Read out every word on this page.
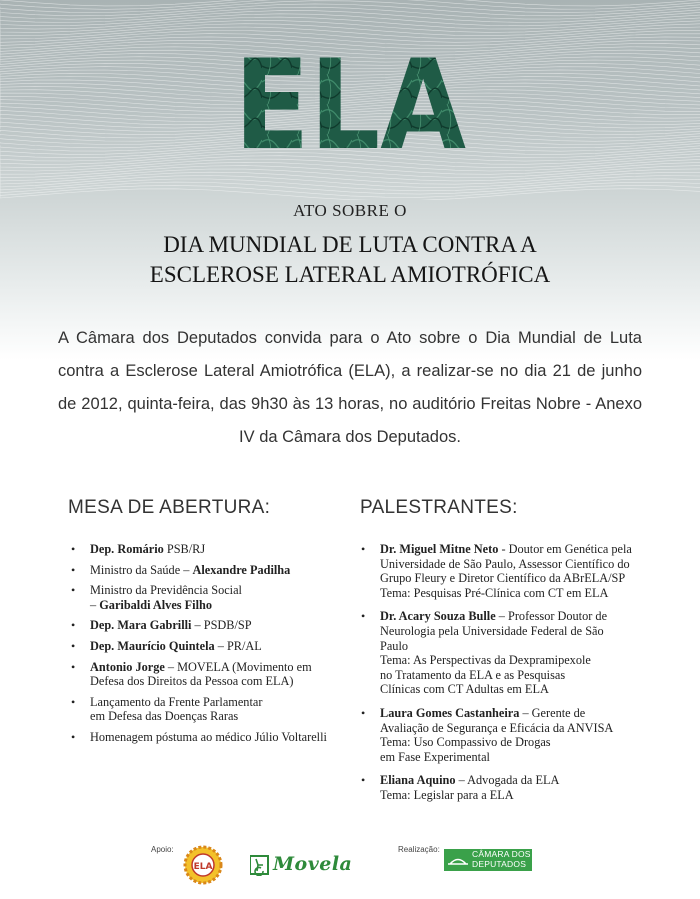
ELA
ATO SOBRE O
DIA MUNDIAL DE LUTA CONTRA A
ESCLEROSE LATERAL AMIOTRÓFICA
A Câmara dos Deputados convida para o Ato sobre o Dia Mundial de Luta contra a Esclerose Lateral Amiotrófica (ELA), a realizar-se no dia 21 de junho de 2012, quinta-feira, das 9h30 às 13 horas, no auditório Freitas Nobre - Anexo IV da Câmara dos Deputados.
MESA DE ABERTURA:	PALESTRANTES:
• Dep. Romário PSB/RJ
• Ministro da Saúde – Alexandre Padilha
• Ministro da Previdência Social
– Garibaldi Alves Filho
• Dep. Mara Gabrilli – PSDB/SP
• Dep. Maurício Quintela – PR/AL
• Antonio Jorge – MOVELA (Movimento em
Defesa dos Direitos da Pessoa com ELA)
• Lançamento da Frente Parlamentar
em Defesa das Doenças Raras
• Homenagem póstuma ao médico Júlio Voltarelli
• Dr. Miguel Mitne Neto - Doutor em Genética pela
Universidade de São Paulo, Assessor Científico do
Grupo Fleury e Diretor Científico da ABrELA/SP
Tema: Pesquisas Pré-Clínica com CT em ELA
• Dr. Acary Souza Bulle – Professor Doutor de
Neurologia pela Universidade Federal de São
Paulo
Tema: As Perspectivas da Dexpramipexole
no Tratamento da ELA e as Pesquisas
Clínicas com CT Adultas em ELA
• Laura Gomes Castanheira – Gerente de
Avaliação de Segurança e Eficácia da ANVISA
Tema: Uso Compassivo de Drogas
em Fase Experimental
• Eliana Aquino – Advogada da ELA
Tema: Legislar para a ELA
Apoio:
ELA	Movela
Realização:	CÂMARA DOS
DEPUTADOS
